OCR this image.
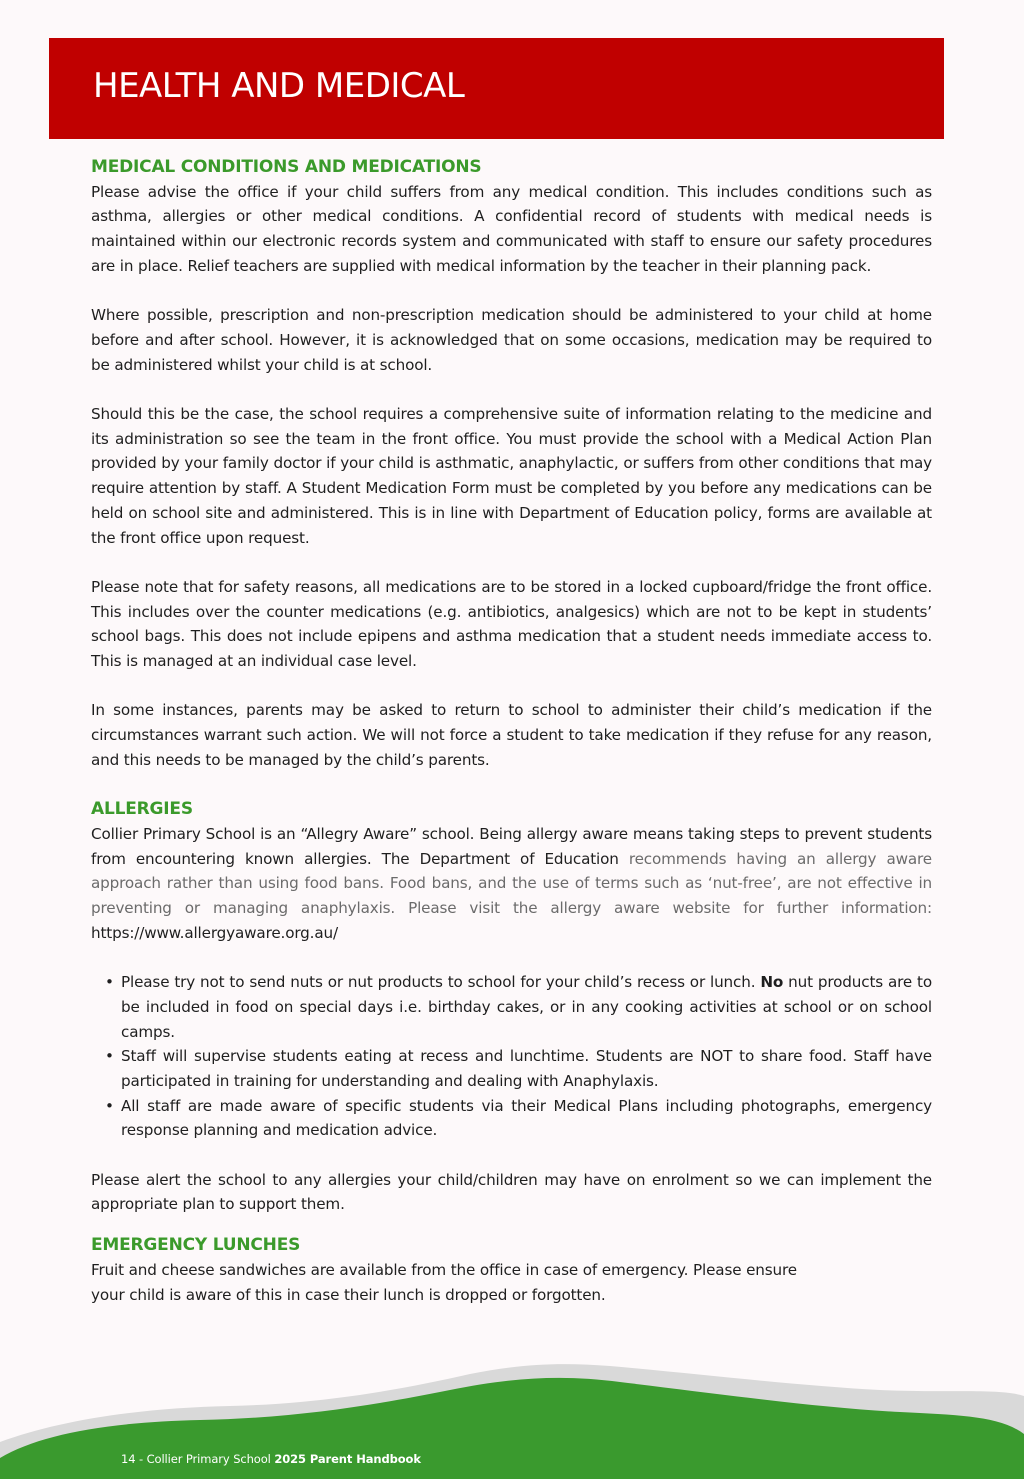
HEALTH AND MEDICAL
MEDICAL CONDITIONS AND MEDICATIONS

Please advise the office if your child suffers from any medical condition. This includes conditions such as asthma, allergies or other medical conditions. A confidential record of students with medical needs is maintained within our electronic records system and communicated with staff to ensure our safety procedures are in place. Relief teachers are supplied with medical information by the teacher in their planning pack.

Where possible, prescription and non-prescription medication should be administered to your child at home before and after school. However, it is acknowledged that on some occasions, medication may be required to be administered whilst your child is at school.

Should this be the case, the school requires a comprehensive suite of information relating to the medicine and its administration so see the team in the front office. You must provide the school with a Medical Action Plan provided by your family doctor if your child is asthmatic, anaphylactic, or suffers from other conditions that may require attention by staff. A Student Medication Form must be completed by you before any medications can be held on school site and administered. This is in line with Department of Education policy, forms are available at the front office upon request.

Please note that for safety reasons, all medications are to be stored in a locked cupboard/fridge the front office. This includes over the counter medications (e.g. antibiotics, analgesics) which are not to be kept in students’ school bags. This does not include epipens and asthma medication that a student needs immediate access to. This is managed at an individual case level.

In some instances, parents may be asked to return to school to administer their child’s medication if the circumstances warrant such action. We will not force a student to take medication if they refuse for any reason, and this needs to be managed by the child’s parents.

ALLERGIES

Collier Primary School is an “Allegry Aware” school. Being allergy aware means taking steps to prevent students from encountering known allergies. The Department of Education recommends having an allergy aware approach rather than using food bans. Food bans, and the use of terms such as ‘nut-free’, are not effective in preventing or managing anaphylaxis. Please visit the allergy aware website for further information: https://www.allergyaware.org.au/

• Please try not to send nuts or nut products to school for your child’s recess or lunch. No nut products are to be included in food on special days i.e. birthday cakes, or in any cooking activities at school or on school camps.
• Staff will supervise students eating at recess and lunchtime. Students are NOT to share food. Staff have participated in training for understanding and dealing with Anaphylaxis.
• All staff are made aware of specific students via their Medical Plans including photographs, emergency response planning and medication advice.

Please alert the school to any allergies your child/children may have on enrolment so we can implement the appropriate plan to support them.

EMERGENCY LUNCHES
Fruit and cheese sandwiches are available from the office in case of emergency. Please ensure
your child is aware of this in case their lunch is dropped or forgotten.
14 - Collier Primary School 2025 Parent Handbook
